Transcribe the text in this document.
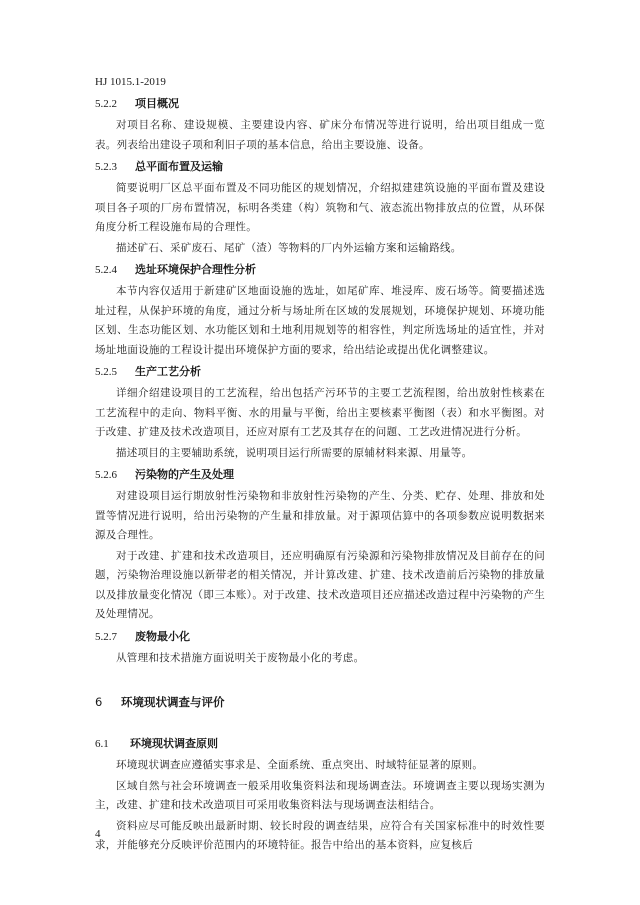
HJ 1015.1-2019
5.2.2 项目概况
对项目名称、建设规模、主要建设内容、矿床分布情况等进行说明，给出项目组成一览表。列表给出建设子项和利旧子项的基本信息，给出主要设施、设备。
5.2.3 总平面布置及运输
简要说明厂区总平面布置及不同功能区的规划情况，介绍拟建建筑设施的平面布置及建设项目各子项的厂房布置情况，标明各类建（构）筑物和气、液态流出物排放点的位置，从环保角度分析工程设施布局的合理性。
描述矿石、采矿废石、尾矿（渣）等物料的厂内外运输方案和运输路线。
5.2.4 选址环境保护合理性分析
本节内容仅适用于新建矿区地面设施的选址，如尾矿库、堆浸库、废石场等。简要描述选址过程，从保护环境的角度，通过分析与场址所在区域的发展规划，环境保护规划、环境功能区划、生态功能区划、水功能区划和土地利用规划等的相容性，判定所选场址的适宜性，并对场址地面设施的工程设计提出环境保护方面的要求，给出结论或提出优化调整建议。
5.2.5 生产工艺分析
详细介绍建设项目的工艺流程，给出包括产污环节的主要工艺流程图，给出放射性核素在工艺流程中的走向、物料平衡、水的用量与平衡，给出主要核素平衡图（表）和水平衡图。对于改建、扩建及技术改造项目，还应对原有工艺及其存在的问题、工艺改进情况进行分析。
描述项目的主要辅助系统，说明项目运行所需要的原辅材料来源、用量等。
5.2.6 污染物的产生及处理
对建设项目运行期放射性污染物和非放射性污染物的产生、分类、贮存、处理、排放和处置等情况进行说明，给出污染物的产生量和排放量。对于源项估算中的各项参数应说明数据来源及合理性。
对于改建、扩建和技术改造项目，还应明确原有污染源和污染物排放情况及目前存在的问题，污染物治理设施以新带老的相关情况，并计算改建、扩建、技术改造前后污染物的排放量以及排放量变化情况（即三本账）。对于改建、技术改造项目还应描述改造过程中污染物的产生及处理情况。
5.2.7 废物最小化
从管理和技术措施方面说明关于废物最小化的考虑。
6 环境现状调查与评价
6.1 环境现状调查原则
环境现状调查应遵循实事求是、全面系统、重点突出、时域特征显著的原则。
区域自然与社会环境调查一般采用收集资料法和现场调查法。环境调查主要以现场实测为主，改建、扩建和技术改造项目可采用收集资料法与现场调查法相结合。
资料应尽可能反映出最新时期、较长时段的调查结果，应符合有关国家标准中的时效性要求，并能够充分反映评价范围内的环境特征。报告中给出的基本资料，应复核后
4
